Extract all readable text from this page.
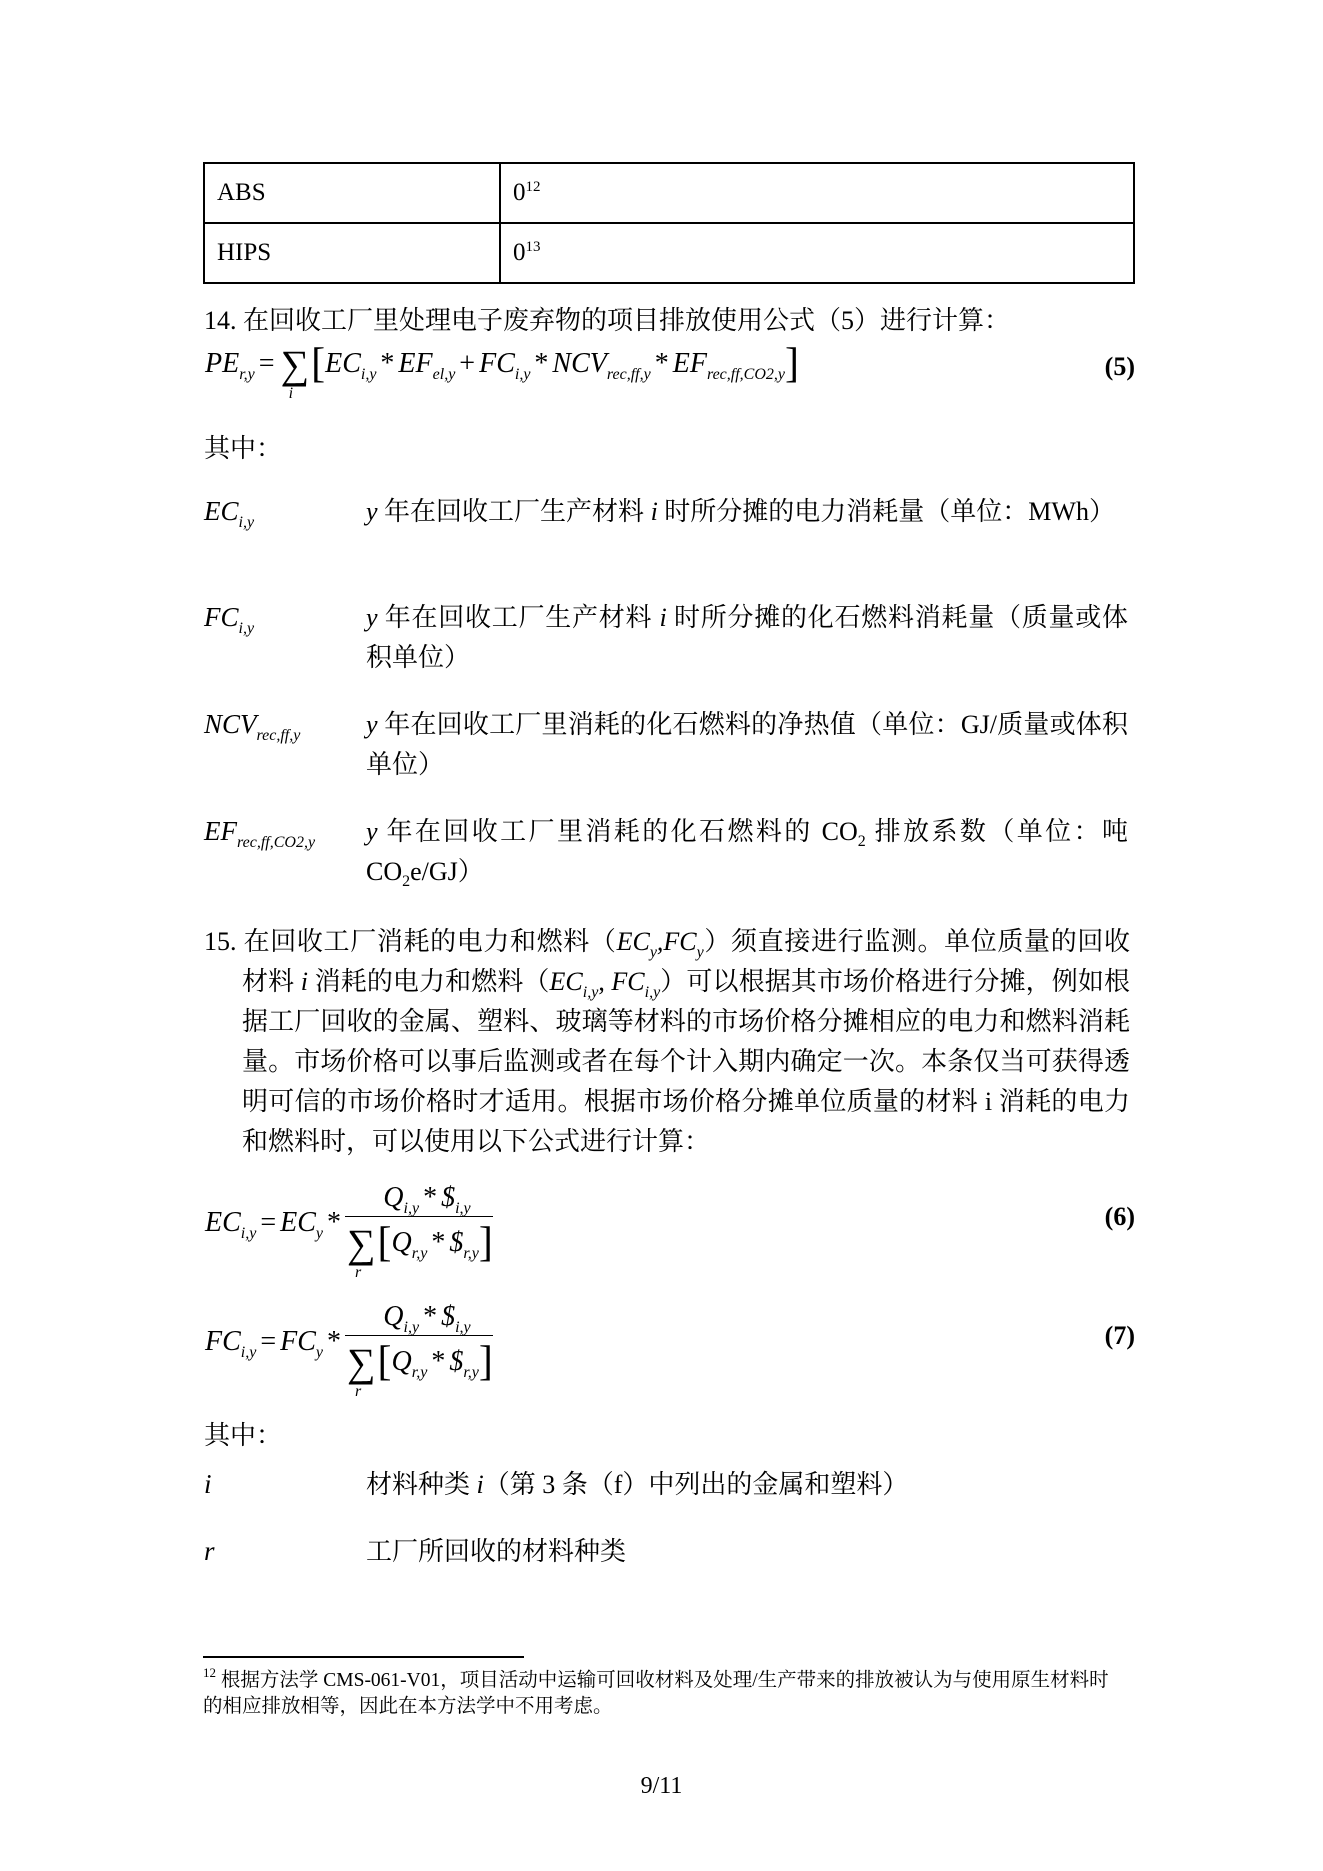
ABS	$0^{12}$
HIPS	$0^{13}$
14. 在回收工厂里处理电子废弃物的项目排放使用公式（5）进行计算：
$PE_{r,y}$ = ∑
i
$[EC_{i,y} * EF_{el,y} + FC_{i,y} * NCV_{rec,ff,y} * EF_{rec,ff,CO2,y}]$	(5)
其中：
$EC_{i,y}$	y 年在回收工厂生产材料 i 时所分摊的电力消耗量（单位：MWh）
$FC_{i,y}$	y 年在回收工厂生产材料 i 时所分摊的化石燃料消耗量（质量或体积单位）
$NCV_{rec,ff,y}$	y 年在回收工厂里消耗的化石燃料的净热值（单位：GJ/质量或体积单位）
$EF_{rec,ff,CO2,y}$ y 年在回收工厂里消耗的化石燃料的 $CO_2$ 排放系数（单位：吨$CO_2e/GJ$）
15. 在回收工厂消耗的电力和燃料$(EC_y,FC_y)$须直接进行监测。单位质量的回收材料 i 消耗的电力和燃料（$EC_{i,y}$, $FC_{i,y}$）可以根据其市场价格进行分摊，例如根据工厂回收的金属、塑料、玻璃等材料的市场价格分摊相应的电力和燃料消耗量。市场价格可以事后监测或者在每个计入期内确定一次。本条仅当可获得透明可信的市场价格时才适用。根据市场价格分摊单位质量的材料 i 消耗的电力和燃料时，可以使用以下公式进行计算：
$EC_{i,y} = EC_y * Q_{i,y}$ * $\$_{i,y}$
∑
r
[$Q_{r,y}$ * $\$_{r,y}$]	(6)
$FC_{i,y} = FC_y * Q_{i,y}$ * $\$_{i,y}$
∑
r
[$Q_{r,y}$ * $\$_{r,y}$]	(7)
其中：
i	材料种类 i（第 3 条（f）中列出的金属和塑料）
r	工厂所回收的材料种类
$^{12}$ 根据方法学 CMS-061-V01，项目活动中运输可回收材料及处理/生产带来的排放被认为与使用原生材料时的相应排放相等，因此在本方法学中不用考虑。
9/11
